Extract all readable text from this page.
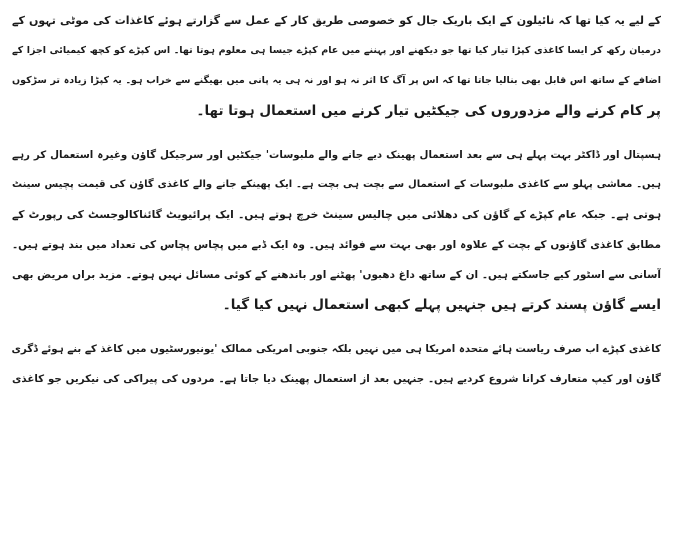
کے لیے یہ کیا تھا کہ نائیلون کے ایک باریک جال کو خصوصی طریق کار کے عمل سے گزارتے ہوئے کاغذات کی موٹی تہوں کے
درمیان رکھ کر ایسا کاغذی کپڑا تیار کیا تھا جو دیکھنے اور پہننے میں عام کپڑے جیسا ہی معلوم ہوتا تھا۔ اس کپڑے کو کچھ کیمیائی اجزا کے
اضافے کے ساتھ اس قابل بھی بنالیا جاتا تھا کہ اس پر آگ کا اثر نہ ہو اور نہ ہی یہ پانی میں بھیگنے سے خراب ہو۔ یہ کپڑا زیادہ تر سڑکوں
پر کام کرنے والے مزدوروں کی جیکٹیں تیار کرنے میں استعمال ہوتا تھا۔
ہسپتال اور ڈاکٹر بہت پہلے ہی سے بعد استعمال پھینک دیے جانے والے ملبوسات' جیکٹیں اور سرجیکل گاؤن وغیرہ استعمال کر رہے
ہیں۔ معاشی پہلو سے کاغذی ملبوسات کے استعمال سے بچت ہی بچت ہے۔ ایک پھینکے جانے والے کاغذی گاؤن کی قیمت پچیس سینٹ
ہوتی ہے۔ جبکہ عام کپڑے کے گاؤن کی دھلائی میں چالیس سینٹ خرچ ہوتے ہیں۔ ایک پرائیویٹ گائناکالوجسٹ کی رپورٹ کے
مطابق کاغذی گاؤنوں کے بچت کے علاوہ اور بھی بہت سے فوائد ہیں۔ وہ ایک ڈبے میں پچاس پچاس کی تعداد میں بند ہوتے ہیں۔
آسانی سے اسٹور کیے جاسکتے ہیں۔ ان کے ساتھ داغ دھبوں' پھٹنے اور باندھنے کے کوئی مسائل نہیں ہوتے۔ مزید براں مریض بھی
ایسے گاؤن پسند کرتے ہیں جنہیں پہلے کبھی استعمال نہیں کیا گیا۔
کاغذی کپڑے اب صرف ریاست ہائے متحدہ امریکا ہی میں نہیں بلکہ جنوبی امریکی ممالک 'یونیورسٹیوں میں کاغذ کے بنے ہوئے ڈگری
گاؤن اور کیپ متعارف کرانا شروع کردیے ہیں۔ جنہیں بعد از استعمال پھینک دیا جاتا ہے۔ مردوں کی پیراکی کی نیکریں جو کاغذی
